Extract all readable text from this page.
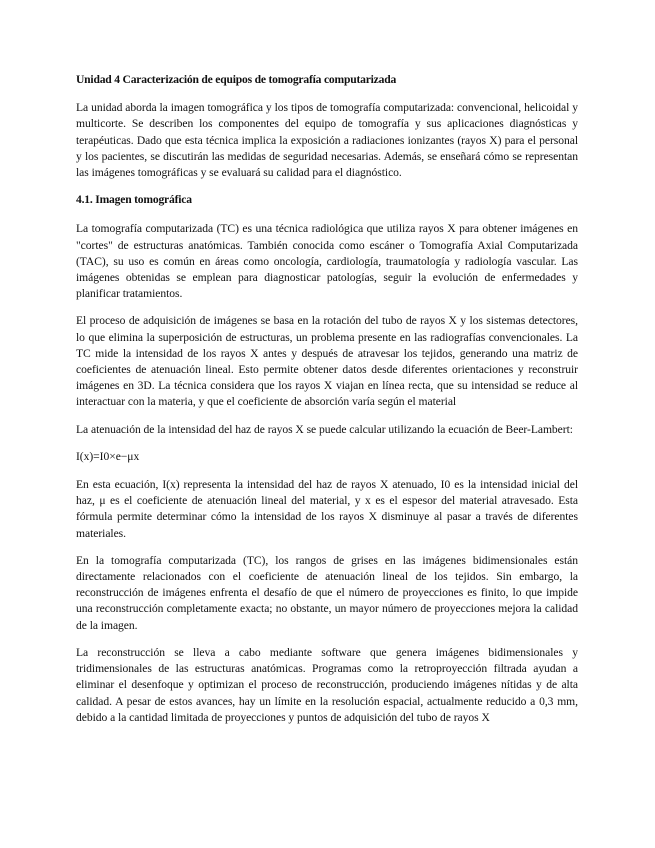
Unidad 4 Caracterización de equipos de tomografía computarizada

La unidad aborda la imagen tomográfica y los tipos de tomografía computarizada: convencional, helicoidal y multicorte. Se describen los componentes del equipo de tomografía y sus aplicaciones diagnósticas y terapéuticas. Dado que esta técnica implica la exposición a radiaciones ionizantes (rayos X) para el personal y los pacientes, se discutirán las medidas de seguridad necesarias. Además, se enseñará cómo se representan las imágenes tomográficas y se evaluará su calidad para el diagnóstico.

4.1. Imagen tomográfica

La tomografía computarizada (TC) es una técnica radiológica que utiliza rayos X para obtener imágenes en "cortes" de estructuras anatómicas. También conocida como escáner o Tomografía Axial Computarizada (TAC), su uso es común en áreas como oncología, cardiología, traumatología y radiología vascular. Las imágenes obtenidas se emplean para diagnosticar patologías, seguir la evolución de enfermedades y planificar tratamientos.

El proceso de adquisición de imágenes se basa en la rotación del tubo de rayos X y los sistemas detectores, lo que elimina la superposición de estructuras, un problema presente en las radiografías convencionales. La TC mide la intensidad de los rayos X antes y después de atravesar los tejidos, generando una matriz de coeficientes de atenuación lineal. Esto permite obtener datos desde diferentes orientaciones y reconstruir imágenes en 3D. La técnica considera que los rayos X viajan en línea recta, que su intensidad se reduce al interactuar con la materia, y que el coeficiente de absorción varía según el material

La atenuación de la intensidad del haz de rayos X se puede calcular utilizando la ecuación de Beer-Lambert:

I(x)=I0×e−μx

En esta ecuación, I(x) representa la intensidad del haz de rayos X atenuado, I0 es la intensidad inicial del haz, μ es el coeficiente de atenuación lineal del material, y x es el espesor del material atravesado. Esta fórmula permite determinar cómo la intensidad de los rayos X disminuye al pasar a través de diferentes materiales.

En la tomografía computarizada (TC), los rangos de grises en las imágenes bidimensionales están directamente relacionados con el coeficiente de atenuación lineal de los tejidos. Sin embargo, la reconstrucción de imágenes enfrenta el desafío de que el número de proyecciones es finito, lo que impide una reconstrucción completamente exacta; no obstante, un mayor número de proyecciones mejora la calidad de la imagen.

La reconstrucción se lleva a cabo mediante software que genera imágenes bidimensionales y tridimensionales de las estructuras anatómicas. Programas como la retroproyección filtrada ayudan a eliminar el desenfoque y optimizan el proceso de reconstrucción, produciendo imágenes nítidas y de alta calidad. A pesar de estos avances, hay un límite en la resolución espacial, actualmente reducido a 0,3 mm, debido a la cantidad limitada de proyecciones y puntos de adquisición del tubo de rayos X
